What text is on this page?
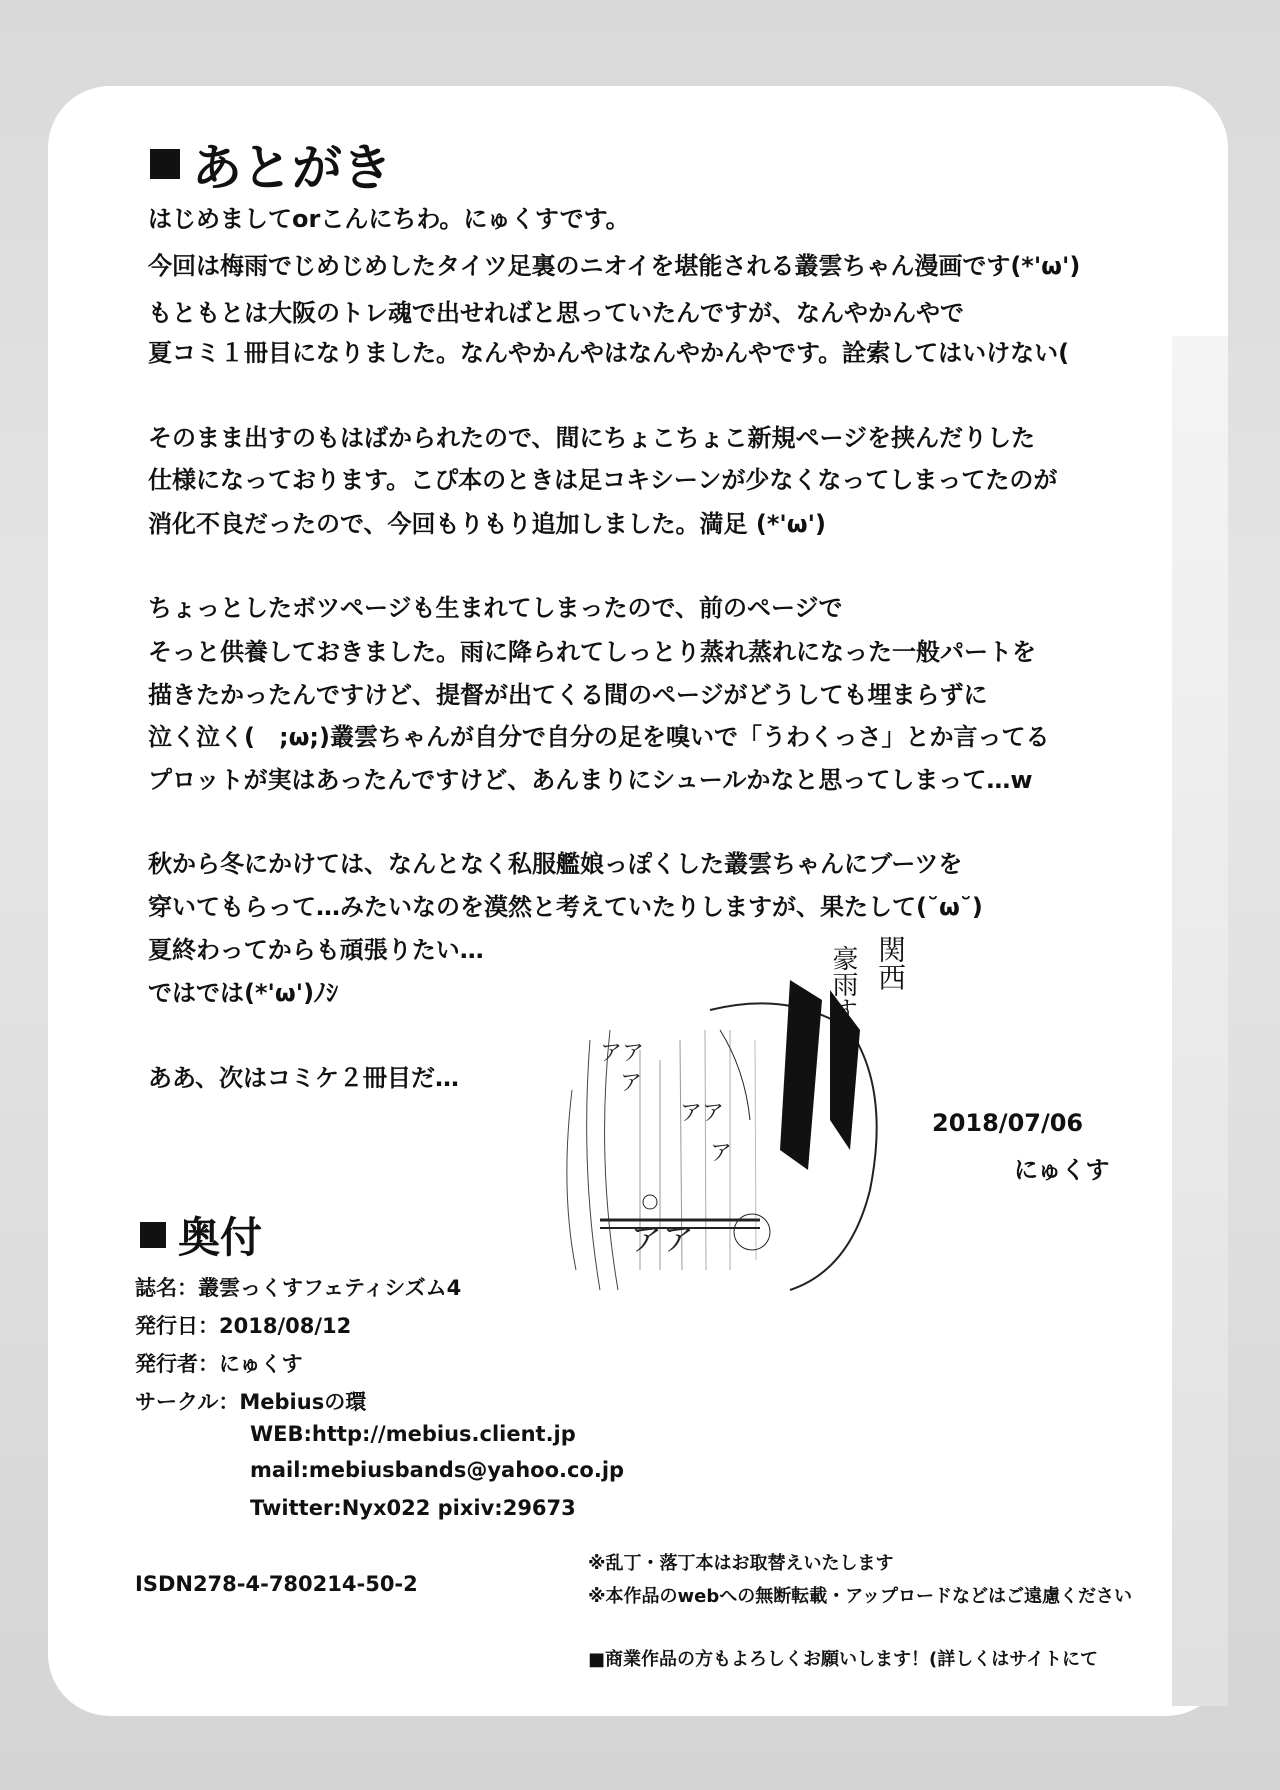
あとがき
はじめましてorこんにちわ。にゅくすです。
今回は梅雨でじめじめしたタイツ足裏のニオイを堪能される叢雲ちゃん漫画です(*'ω')
もともとは大阪のトレ魂で出せればと思っていたんですが、なんやかんやで
夏コミ１冊目になりました。なんやかんやはなんやかんやです。詮索してはいけない(
そのまま出すのもはばかられたので、間にちょこちょこ新規ページを挟んだりした
仕様になっております。こぴ本のときは足コキシーンが少なくなってしまってたのが
消化不良だったので、今回もりもり追加しました。満足 (*'ω')
ちょっとしたボツページも生まれてしまったので、前のページで
そっと供養しておきました。雨に降られてしっとり蒸れ蒸れになった一般パートを
描きたかったんですけど、提督が出てくる間のページがどうしても埋まらずに
泣く泣く(　;ω;)叢雲ちゃんが自分で自分の足を嗅いで「うわくっさ」とか言ってる
プロットが実はあったんですけど、あんまりにシュールかなと思ってしまって…w
秋から冬にかけては、なんとなく私服艦娘っぽくした叢雲ちゃんにブーツを
穿いてもらって…みたいなのを漠然と考えていたりしますが、果たして(˘ω˘)
夏終わってからも頑張りたい…
ではでは(*'ω')ﾉｼ
ああ、次はコミケ２冊目だ…
アア
ア
アア
ア
アア
関西
豪雨すぎる…
2018/07/06
にゅくす
奥付
誌名：叢雲っくすフェティシズム4
発行日：2018/08/12
発行者：にゅくす
サークル：Mebiusの環
WEB:http://mebius.client.jp
mail:mebiusbands@yahoo.co.jp
Twitter:Nyx022 pixiv:29673
ISDN278-4-780214-50-2
※乱丁・落丁本はお取替えいたします
※本作品のwebへの無断転載・アップロードなどはご遠慮ください
■商業作品の方もよろしくお願いします！(詳しくはサイトにて
